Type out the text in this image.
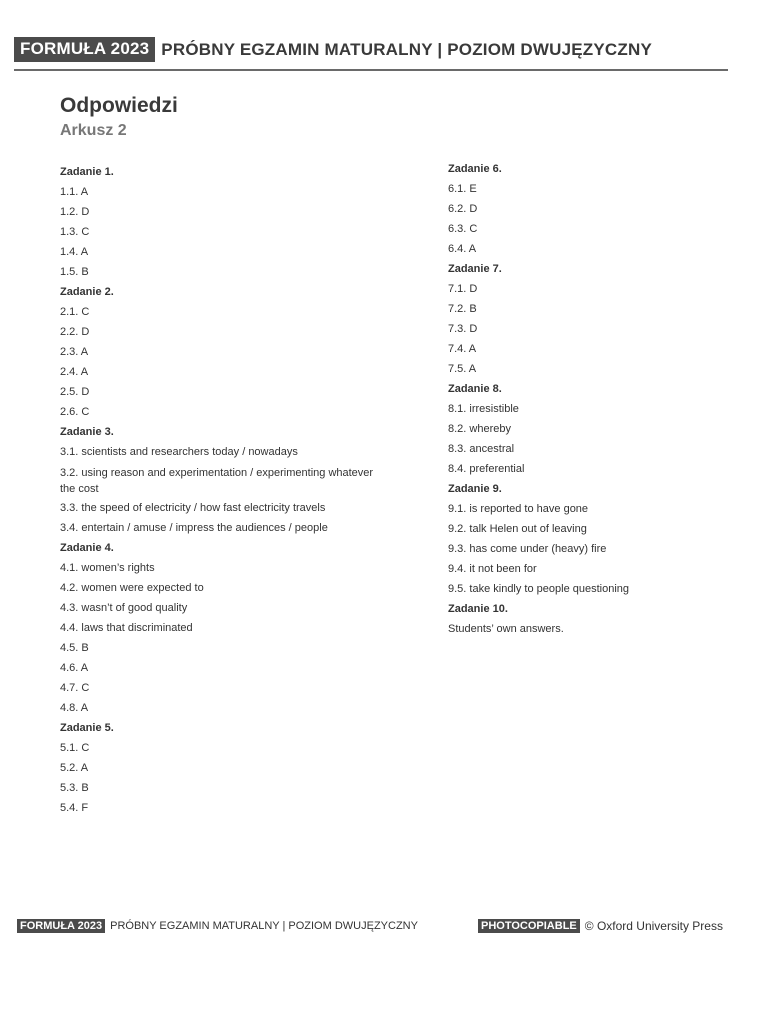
FORMUŁA 2023 PRÓBNY EGZAMIN MATURALNY | POZIOM DWUJĘZYCZNY
Odpowiedzi
Arkusz 2
Zadanie 1.
1.1. A
1.2. D
1.3. C
1.4. A
1.5. B
Zadanie 2.
2.1. C
2.2. D
2.3. A
2.4. A
2.5. D
2.6. C
Zadanie 3.
3.1. scientists and researchers today / nowadays
3.2. using reason and experimentation / experimenting whatever the cost
3.3. the speed of electricity / how fast electricity travels
3.4. entertain / amuse / impress the audiences / people
Zadanie 4.
4.1. women’s rights
4.2. women were expected to
4.3. wasn’t of good quality
4.4. laws that discriminated
4.5. B
4.6. A
4.7. C
4.8. A
Zadanie 5.
5.1. C
5.2. A
5.3. B
5.4. F
Zadanie 6.
6.1. E
6.2. D
6.3. C
6.4. A
Zadanie 7.
7.1. D
7.2. B
7.3. D
7.4. A
7.5. A
Zadanie 8.
8.1. irresistible
8.2. whereby
8.3. ancestral
8.4. preferential
Zadanie 9.
9.1. is reported to have gone
9.2. talk Helen out of leaving
9.3. has come under (heavy) fire
9.4. it not been for
9.5. take kindly to people questioning
Zadanie 10.
Students’ own answers.
FORMUŁA 2023 PRÓBNY EGZAMIN MATURALNY | POZIOM DWUJĘZYCZNY	PHOTOCOPIABLE © Oxford University Press
